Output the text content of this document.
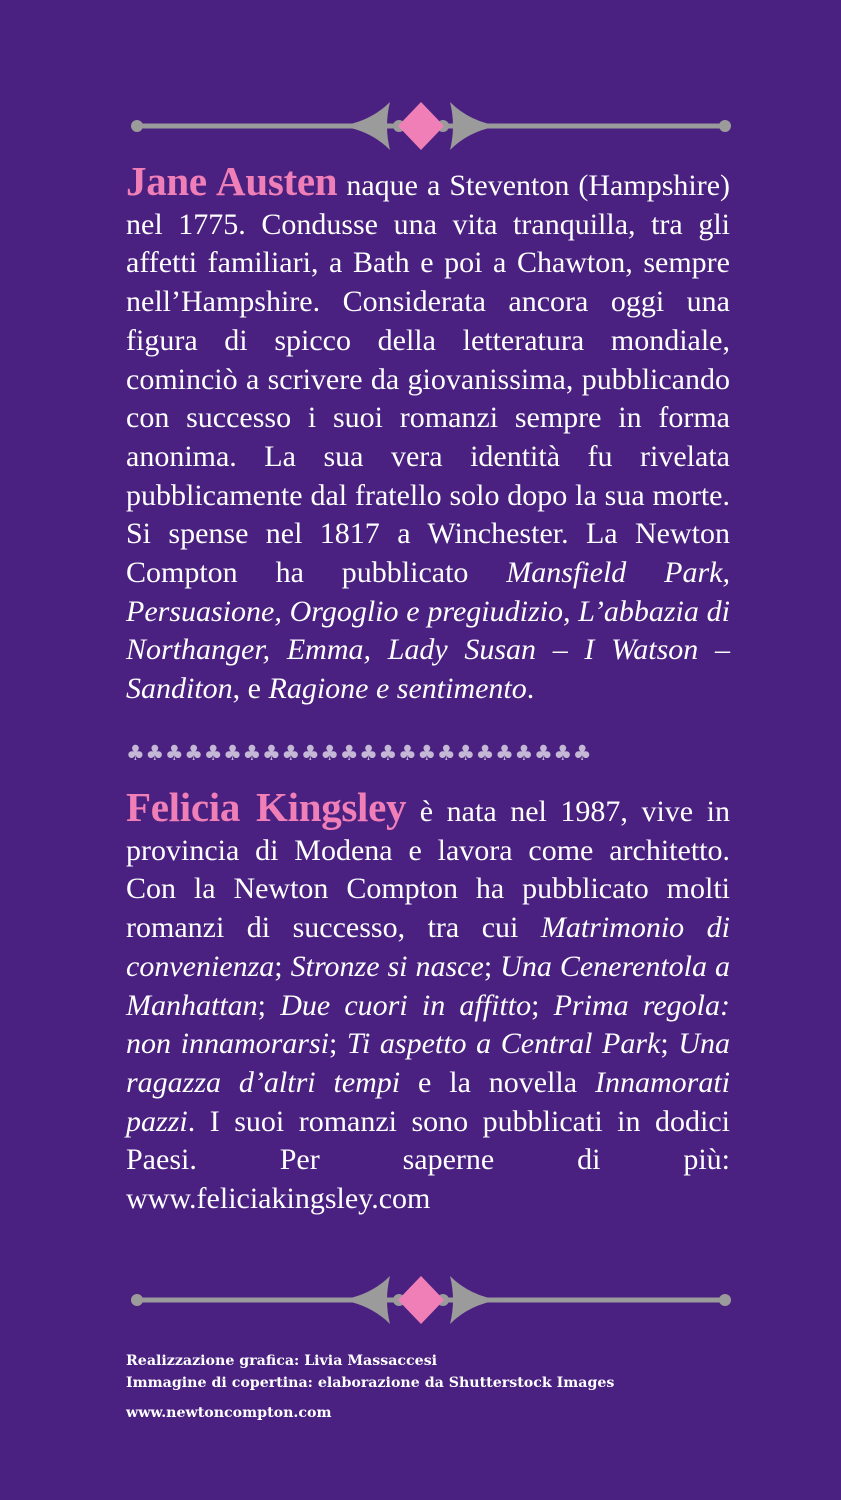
Jane Austen naque a Steventon (Hampshire) nel 1775. Condusse una vita tranquilla, tra gli affetti familiari, a Bath e poi a Chawton, sempre nell’Hampshire. Considerata ancora oggi una figura di spicco della letteratura mondiale, cominciò a scrivere da giovanissima, pubblicando con successo i suoi romanzi sempre in forma anonima. La sua vera identità fu rivelata pubblicamente dal fratello solo dopo la sua morte. Si spense nel 1817 a Winchester. La Newton Compton ha pubblicato Mansfield Park, Persuasione, Orgoglio e pregiudizio, L’abbazia di Northanger, Emma, Lady Susan – I Watson – Sanditon, e Ragione e sentimento.
♣♣♣♣♣♣♣♣♣♣♣♣♣♣♣♣♣♣♣♣♣♣♣♣
Felicia Kingsley è nata nel 1987, vive in provincia di Modena e lavora come architetto. Con la Newton Compton ha pubblicato molti romanzi di successo, tra cui Matrimonio di convenienza; Stronze si nasce; Una Cenerentola a Manhattan; Due cuori in affitto; Prima regola: non innamorarsi; Ti aspetto a Central Park; Una ragazza d’altri tempi e la novella Innamorati pazzi. I suoi romanzi sono pubblicati in dodici Paesi. Per saperne di più: www.feliciakingsley.com
Realizzazione grafica: Livia Massaccesi
Immagine di copertina: elaborazione da Shutterstock Images
www.newtoncompton.com
